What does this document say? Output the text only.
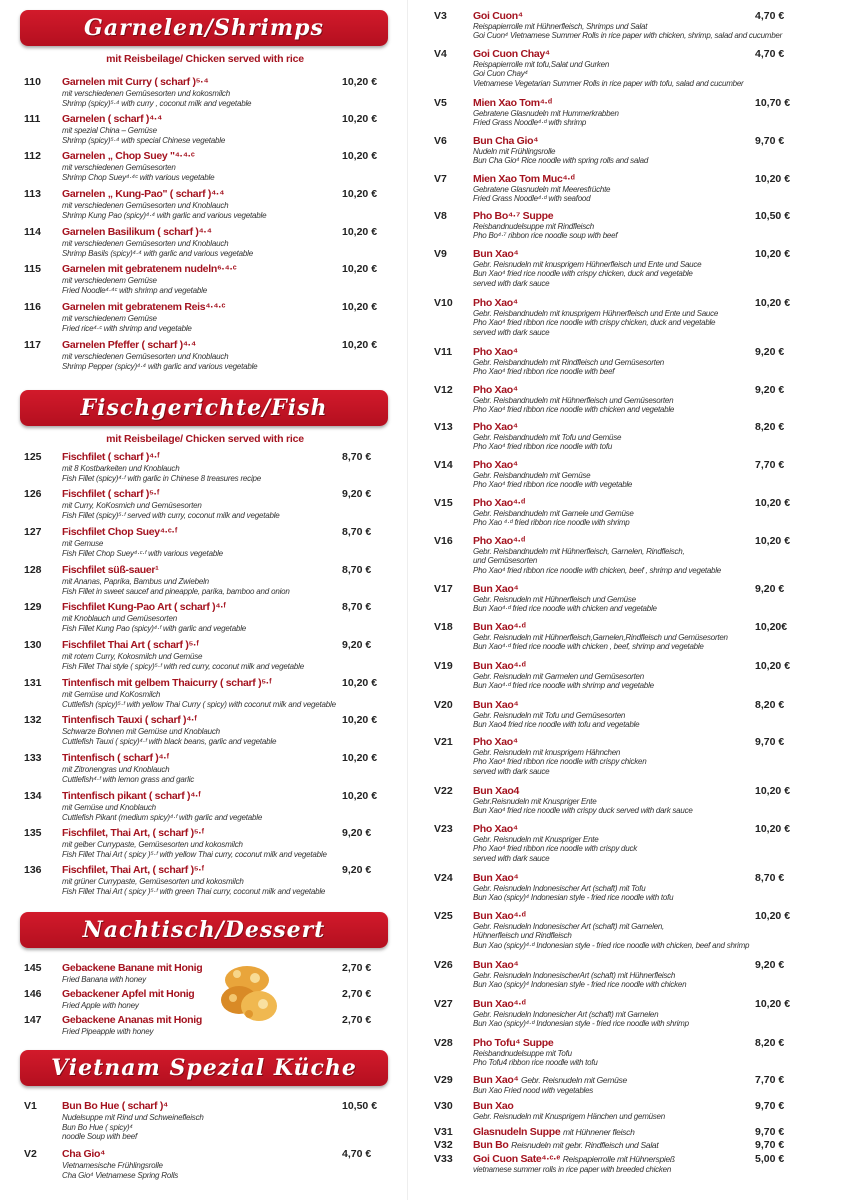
Garnelen/Shrimps
mit Reisbeilage/ Chicken served with rice
110	Garnelen mit Curry ( scharf )⁵·⁴	10,20 €
mit verschiedenen Gemüsesorten und kokosmilch
Shrimp (spicy)⁵·⁴ with curry , coconut milk and vegetable
111	Garnelen ( scharf )⁴·⁴	10,20 €
mit spezial China – Gemüse
Shrimp (spicy)⁵·⁴ with special Chinese vegetable
112	Garnelen „ Chop Suey "⁴·⁴·ᶜ	10,20 €
mit verschiedenen Gemüsesorten
Shrimp Chop Suey⁴·⁴ᶜ with various vegetable
113	Garnelen „ Kung-Pao" ( scharf )⁴·⁴	10,20 €
mit verschiedenen Gemüsesorten und Knoblauch
Shrimp Kung Pao (spicy)⁴·⁴ with garlic and various vegetable
114	Garnelen Basilikum ( scharf )⁴·⁴	10,20 €
mit verschiedenen Gemüsesorten und Knoblauch
Shrimp Basils (spicy)⁴·⁴ with garlic and various vegetable
115	Garnelen mit gebratenem nudeln⁶·⁴·ᶜ	10,20 €
mit verschiedenem Gemüse
Fried Noodle⁴·⁴ᶜ with shrimp and vegetable
116	Garnelen mit gebratenem Reis⁴·⁴·ᶜ	10,20 €
mit verschiedenem Gemüse
Fried rice⁴·ᶜ with shrimp and vegetable
117	Garnelen Pfeffer ( scharf )⁴·⁴	10,20 €
mit verschiedenen Gemüsesorten und Knoblauch
Shrimp Pepper (spicy)⁴·⁴ with garlic and various vegetable
Fischgerichte/Fish
mit Reisbeilage/ Chicken served with rice
125	Fischfilet ( scharf )⁴·ᶠ	8,70 €
mit 8 Kostbarkeiten und Knoblauch
Fish Fillet (spicy)⁴·ᶠ with garlic in Chinese 8 treasures recipe
126	Fischfilet ( scharf )⁵·ᶠ	9,20 €
mit Curry, KoKosmich und Gemüsesorten
Fish Fillet (spicy)⁵·ᶠ served with curry, coconut milk and vegetable
127	Fischfilet Chop Suey⁴·ᶜ·ᶠ	8,70 €
mit Gemuse
Fish Fillet Chop Suey⁴·ᶜ·ᶠ with various vegetable
128	Fischfilet süß-sauer¹	8,70 €
mit Ananas, Paprika, Bambus und Zwiebeln
Fish Fillet in sweet saucef and pineapple, parika, bamboo and onion
129	Fischfilet Kung-Pao Art ( scharf )⁴·ᶠ	8,70 €
mit Knoblauch und Gemüsesorten
Fish Fillet Kung Pao (spicy)⁴·ᶠ with garlic and vegetable
130	Fischfilet Thai Art ( scharf )⁵·ᶠ	9,20 €
mit rotem Curry, Kokosmilch und Gemüse
Fish Fillet Thai style ( spicy)⁵·ᶠ with red curry, coconut milk and vegetable
131	Tintenfisch mit gelbem Thaicurry ( scharf )⁵·ᶠ	10,20 €
mit Gemüse und KoKosmilch
Cuttlefish (spicy)⁵·ᶠ with yellow Thai Curry ( spicy) with coconut milk and vegetable
132	Tintenfisch Tauxi ( scharf )⁴·ᶠ	10,20 €
Schwarze Bohnen mit Gemüse und Knoblauch
Cuttlefish Tauxi ( spicy)⁴·ᶠ with black beans, garlic and vegetable
133	Tintenfisch ( scharf )⁴·ᶠ	10,20 €
mit Zitronengras und Knoblauch
Cuttlefish⁴·ᶠ with lemon grass and garlic
134	Tintenfisch pikant ( scharf )⁴·ᶠ	10,20 €
mit Gemüse und Knoblauch
Cuttlefish Pikant (medium spicy)⁴·ᶠ with garlic and vegetable
135	Fischfilet, Thai Art, ( scharf )⁵·ᶠ	9,20 €
mit gelber Currypaste, Gemüsesorten und kokosmilch
Fish Fillet Thai Art ( spicy )⁵·ᶠ with yellow Thai curry, coconut milk and vegetable
136	Fischfilet, Thai Art, ( scharf )⁵·ᶠ	9,20 €
mit grüner Currypaste, Gemüsesorten und kokosmilch
Fish Fillet Thai Art ( spicy )⁵·ᶠ with green Thai curry, coconut milk and vegetable
Nachtisch/Dessert
145	Gebackene Banane mit Honig	2,70 €
Fried Banana with honey
146	Gebackener Apfel mit Honig	2,70 €
Fried Apple with honey
147	Gebackene Ananas mit Honig	2,70 €
Fried Pipeapple with honey
Vietnam Spezial Küche
V1	Bun Bo Hue ( scharf )⁴	10,50 €
Nudelsuppe mit Rind und Schweinefleisch
Bun Bo Hue ( spicy)⁴
noodle Soup with beef
V2	Cha Gio⁴	4,70 €
Vietnamesische Frühlingsrolle
Cha Gio⁴ Vietnamese Spring Rolls
V3 Goi Cuon⁴	4,70 €
Reispapierrolle mit Hühnerfleisch, Shrimps und Salat
Goi Cuon⁴ Vietnamese Summer Rolls in rice paper with chicken, shrimp, salad and cucumber
V4 Goi Cuon Chay⁴	4,70 €
Reispapierrolle mit tofu,Salat und Gurken
Goi Cuon Chay⁴
Vietnamese Vegetarian Summer Rolls in rice paper with tofu, salad and cucumber
V5 Mien Xao Tom⁴·ᵈ	10,70 €
Gebratene Glasnudeln mit Hummerkrabben
Fried Grass Noodle⁴·ᵈ with shrimp
V6 Bun Cha Gio⁴	9,70 €
Nudeln mit Frühlingsrolle
Bun Cha Gio⁴ Rice noodle with spring rolls and salad
V7 Mien Xao Tom Muc⁴·ᵈ	10,20 €
Gebratene Glasnudeln mit Meeresfrüchte
Fried Grass Noodle⁴·ᵈ with seafood
V8 Pho Bo⁴·⁷ Suppe	10,50 €
Reisbandnudelsuppe mit Rindfleisch
Pho Bo⁴·⁷ ribbon rice noodle soup with beef
V9 Bun Xao⁴	10,20 €
Gebr. Reisnudeln mit knusprigem Hühnerfleisch und Ente und Sauce
Bun Xao⁴ fried rice noodle with crispy chicken, duck and vegetable
served with dark sauce
V10 Pho Xao⁴	10,20 €
Gebr. Reisbandnudeln mit knusprigem Hühnerfleisch und Ente und Sauce
Pho Xao⁴ fried ribbon rice noodle with crispy chicken, duck and vegetable
served with dark sauce
V11 Pho Xao⁴	9,20 €
Gebr. Reisbandnudeln mit Rindfleisch und Gemüsesorten
Pho Xao⁴ fried ribbon rice noodle with beef
V12 Pho Xao⁴	9,20 €
Gebr. Reisbandnudeln mit Hühnerfleisch und Gemüsesorten
Pho Xao⁴ fried ribbon rice noodle with chicken and vegetable
V13 Pho Xao⁴	8,20 €
Gebr. Reisbandnudeln mit Tofu und Gemüse
Pho Xao⁴ fried ribbon rice noodle with tofu
V14 Pho Xao⁴	7,70 €
Gebr. Reisbandnudeln mit Gemüse
Pho Xao⁴ fried ribbon rice noodle with vegetable
V15 Pho Xao⁴·ᵈ	10,20 €
Gebr. Reisbandnudeln mit Garnele und Gemüse
Pho Xao ⁴·ᵈ fried ribbon rice noodle with shrimp
V16 Pho Xao⁴·ᵈ	10,20 €
Gebr. Reisbandnudeln mit Hühnerfleisch, Garnelen, Rindfleisch,
und Gemüsesorten
Pho Xao⁴ fried ribbon rice noodle with chicken, beef , shrimp and vegetable
V17 Bun Xao⁴	9,20 €
Gebr. Reisnudeln mit Hühnerfleisch und Gemüse
Bun Xao⁴·ᵈ fried rice noodle with chicken and vegetable
V18 Bun Xao⁴·ᵈ	10,20€
Gebr. Reisnudeln mit Hühnerfleisch,Garnelen,Rindfleisch und Gemüsesorten
Bun Xao⁴·ᵈ fried rice noodle with chicken , beef, shrimp and vegetable
V19 Bun Xao⁴·ᵈ	10,20 €
Gebr. Reisnudeln mit Garmelen und Gemüsesorten
Bun Xao⁴·ᵈ fried rice noodle with shrimp and vegetable
V20 Bun Xao⁴	8,20 €
Gebr. Reisnudeln mit Tofu und Gemüsesorten
Bun Xao4 fried rice noodle with tofu and vegetable
V21 Pho Xao⁴	9,70 €
Gebr. Reisnudeln mit knusprigem Hähnchen
Pho Xao⁴ fried ribbon rice noodle with crispy chicken
served with dark sauce
V22 Bun Xao4	10,20 €
Gebr.Reisnudeln mit Knuspriger Ente
Bun Xao⁴ fried rice noodle with crispy duck served with dark sauce
V23 Pho Xao⁴	10,20 €
Gebr. Reisnudeln mit Knuspriger Ente
Pho Xao⁴ fried ribbon rice noodle with crispy duck
served with dark sauce
V24 Bun Xao⁴	8,70 €
Gebr. Reisnudeln Indonesischer Art (schaft) mit Tofu
Bun Xao (spicy)⁴ Indonesian style - fried rice noodle with tofu
V25 Bun Xao⁴·ᵈ	10,20 €
Gebr. Reisnudeln Indonesischer Art (schaft) mit Garnelen,
Hühnerfleisch und Rindfleisch
Bun Xao (spicy)⁴·ᵈ Indonesian style - fried rice noodle with chicken, beef and shrimp
V26 Bun Xao⁴	9,20 €
Gebr. Reisnudeln IndonesischerArt (schaft) mit Hühnerfleisch
Bun Xao (spicy)⁴ Indonesian style - fried rice noodle with chicken
V27 Bun Xao⁴·ᵈ	10,20 €
Gebr. Reisnudeln Indonesicher Art (schaft) mit Garnelen
Bun Xao (spicy)⁴·ᵈ Indonesian style - fried rice noodle with shrimp
V28 Pho Tofu⁴ Suppe	8,20 €
Reisbandnudelsuppe mit Tofu
Pho Tofu4 ribbon rice noodle with tofu
V29 Bun Xao⁴ Gebr. Reisnudeln mit Gemüse	7,70 €
Bun Xao Fried nood with vegetables
V30 Bun Xao	9,70 €
Gebr. Reisnudeln mit Knusprigem Hänchen und gemüsen
V31 Glasnudeln Suppe mit Hühnener fleisch	9,70 €
V32 Bun Bo Reisnudeln mit gebr. Rindfleisch und Salat	9,70 €
V33 Goi Cuon Sate⁴·ᶜ·ᵉ Reispapierrolle mit Hühnerspieß	5,00 €
vietnamese summer rolls in rice paper with breeded chicken
